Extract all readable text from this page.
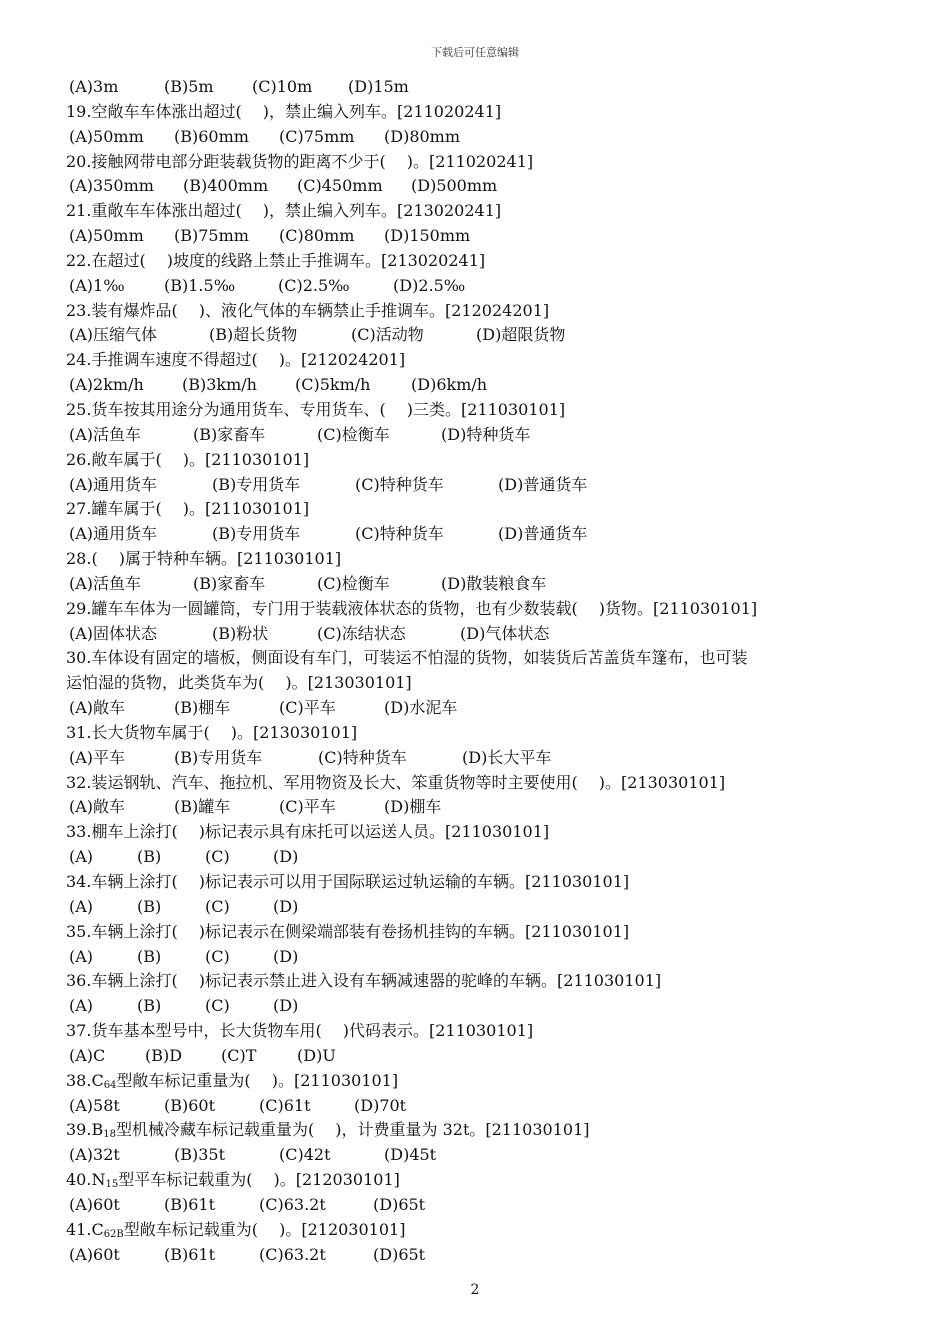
下载后可任意编辑
(A)3m	(B)5m	(C)10m	(D)15m
19.空敞车车体涨出超过(　 )，禁止编入列车。[211020241]
(A)50mm	(B)60mm	(C)75mm	(D)80mm
20.接触网带电部分距装载货物的距离不少于(　 )。[211020241]
(A)350mm	(B)400mm	(C)450mm	(D)500mm
21.重敞车车体涨出超过(　 )，禁止编入列车。[213020241]
(A)50mm	(B)75mm	(C)80mm	(D)150mm
22.在超过(　 )坡度的线路上禁止手推调车。[213020241]
(A)1‰	(B)1.5‰	(C)2.5‰	(D)2.5‰
23.装有爆炸品(　 )、液化气体的车辆禁止手推调车。[212024201]
(A)压缩气体	(B)超长货物	(C)活动物	(D)超限货物
24.手推调车速度不得超过(　 )。[212024201]
(A)2km/h	(B)3km/h	(C)5km/h	(D)6km/h
25.货车按其用途分为通用货车、专用货车、(　 )三类。[211030101]
(A)活鱼车	(B)家畜车	(C)检衡车	(D)特种货车
26.敞车属于(　 )。[211030101]
(A)通用货车	(B)专用货车	(C)特种货车	(D)普通货车
27.罐车属于(　 )。[211030101]
(A)通用货车	(B)专用货车	(C)特种货车	(D)普通货车
28.(　 )属于特种车辆。[211030101]
(A)活鱼车	(B)家畜车	(C)检衡车	(D)散装粮食车
29.罐车车体为一圆罐筒，专门用于装载液体状态的货物，也有少数装载(　 )货物。[211030101]
(A)固体状态	(B)粉状	(C)冻结状态	(D)气体状态
30.车体设有固定的墙板，侧面设有车门，可装运不怕湿的货物，如装货后苫盖货车篷布，也可装
运怕湿的货物，此类货车为(　 )。[213030101]
(A)敞车	(B)棚车	(C)平车	(D)水泥车
31.长大货物车属于(　 )。[213030101]
(A)平车	(B)专用货车	(C)特种货车	(D)长大平车
32.装运钢轨、汽车、拖拉机、军用物资及长大、笨重货物等时主要使用(　 )。[213030101]
(A)敞车	(B)罐车	(C)平车	(D)棚车
33.棚车上涂打(　 )标记表示具有床托可以运送人员。[211030101]
(A)	(B)	(C)	(D)
34.车辆上涂打(　 )标记表示可以用于国际联运过轨运输的车辆。[211030101]
(A)	(B)	(C)	(D)
35.车辆上涂打(　 )标记表示在侧梁端部装有卷扬机挂钩的车辆。[211030101]
(A)	(B)	(C)	(D)
36.车辆上涂打(　 )标记表示禁止进入设有车辆减速器的驼峰的车辆。[211030101]
(A)	(B)	(C)	(D)
37.货车基本型号中，长大货物车用(　 )代码表示。[211030101]
(A)C	(B)D	(C)T	(D)U
$38.C_{64}$型敞车标记重量为(　 )。[211030101]
(A)58t	(B)60t	(C)61t	(D)70t
$39.B_{18}$型机械冷藏车标记载重量为(　 )，计费重量为 32t。[211030101]
(A)32t	(B)35t	(C)42t	(D)45t
$40.N_{15}$型平车标记载重为(　 )。[212030101]
(A)60t	(B)61t	(C)63.2t	(D)65t
$41.C_{62B}$型敞车标记载重为(　 )。[212030101]
(A)60t	(B)61t	(C)63.2t	(D)65t
2
